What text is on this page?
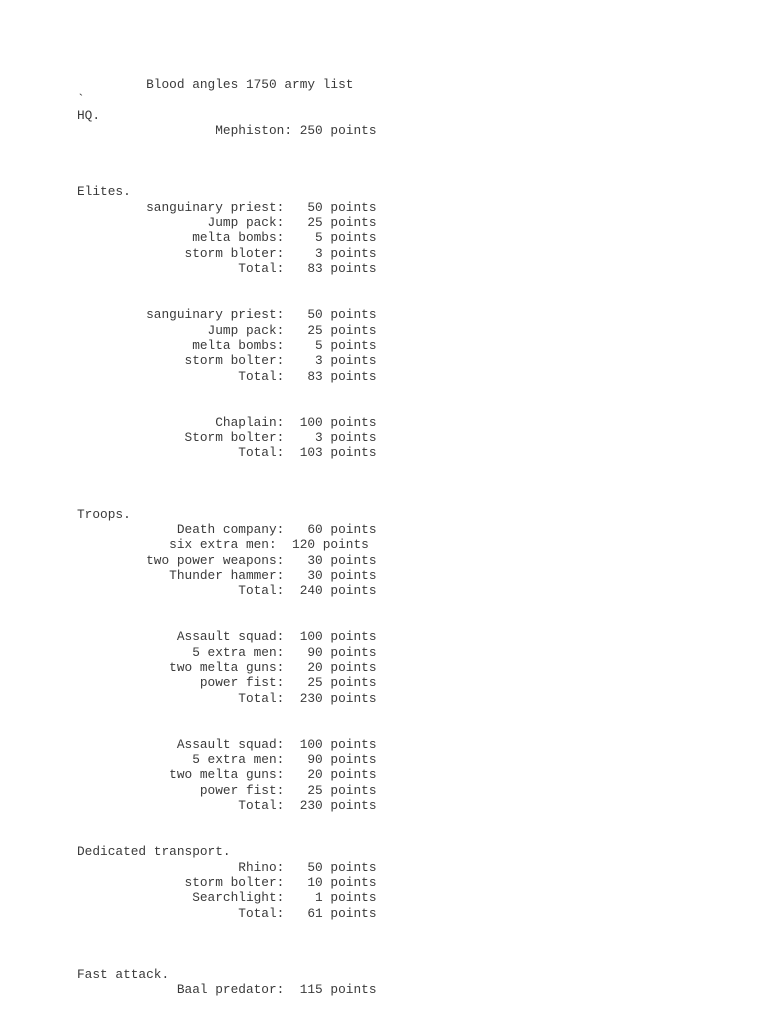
Blood angles 1750 army list
`
HQ.
Mephiston: 250 points
Elites.
sanguinary priest:   50 points
Jump pack:   25 points
melta bombs:    5 points
storm bloter:    3 points
Total:   83 points
sanguinary priest:   50 points
Jump pack:   25 points
melta bombs:    5 points
storm bolter:    3 points
Total:   83 points
Chaplain:  100 points
Storm bolter:    3 points
Total:  103 points
Troops.
Death company:   60 points
six extra men:  120 points
two power weapons:   30 points
Thunder hammer:   30 points
Total:  240 points
Assault squad:  100 points
5 extra men:   90 points
two melta guns:   20 points
power fist:   25 points
Total:  230 points
Assault squad:  100 points
5 extra men:   90 points
two melta guns:   20 points
power fist:   25 points
Total:  230 points
Dedicated transport.
Rhino:   50 points
storm bolter:   10 points
Searchlight:    1 points
Total:   61 points
Fast attack.
Baal predator:  115 points
